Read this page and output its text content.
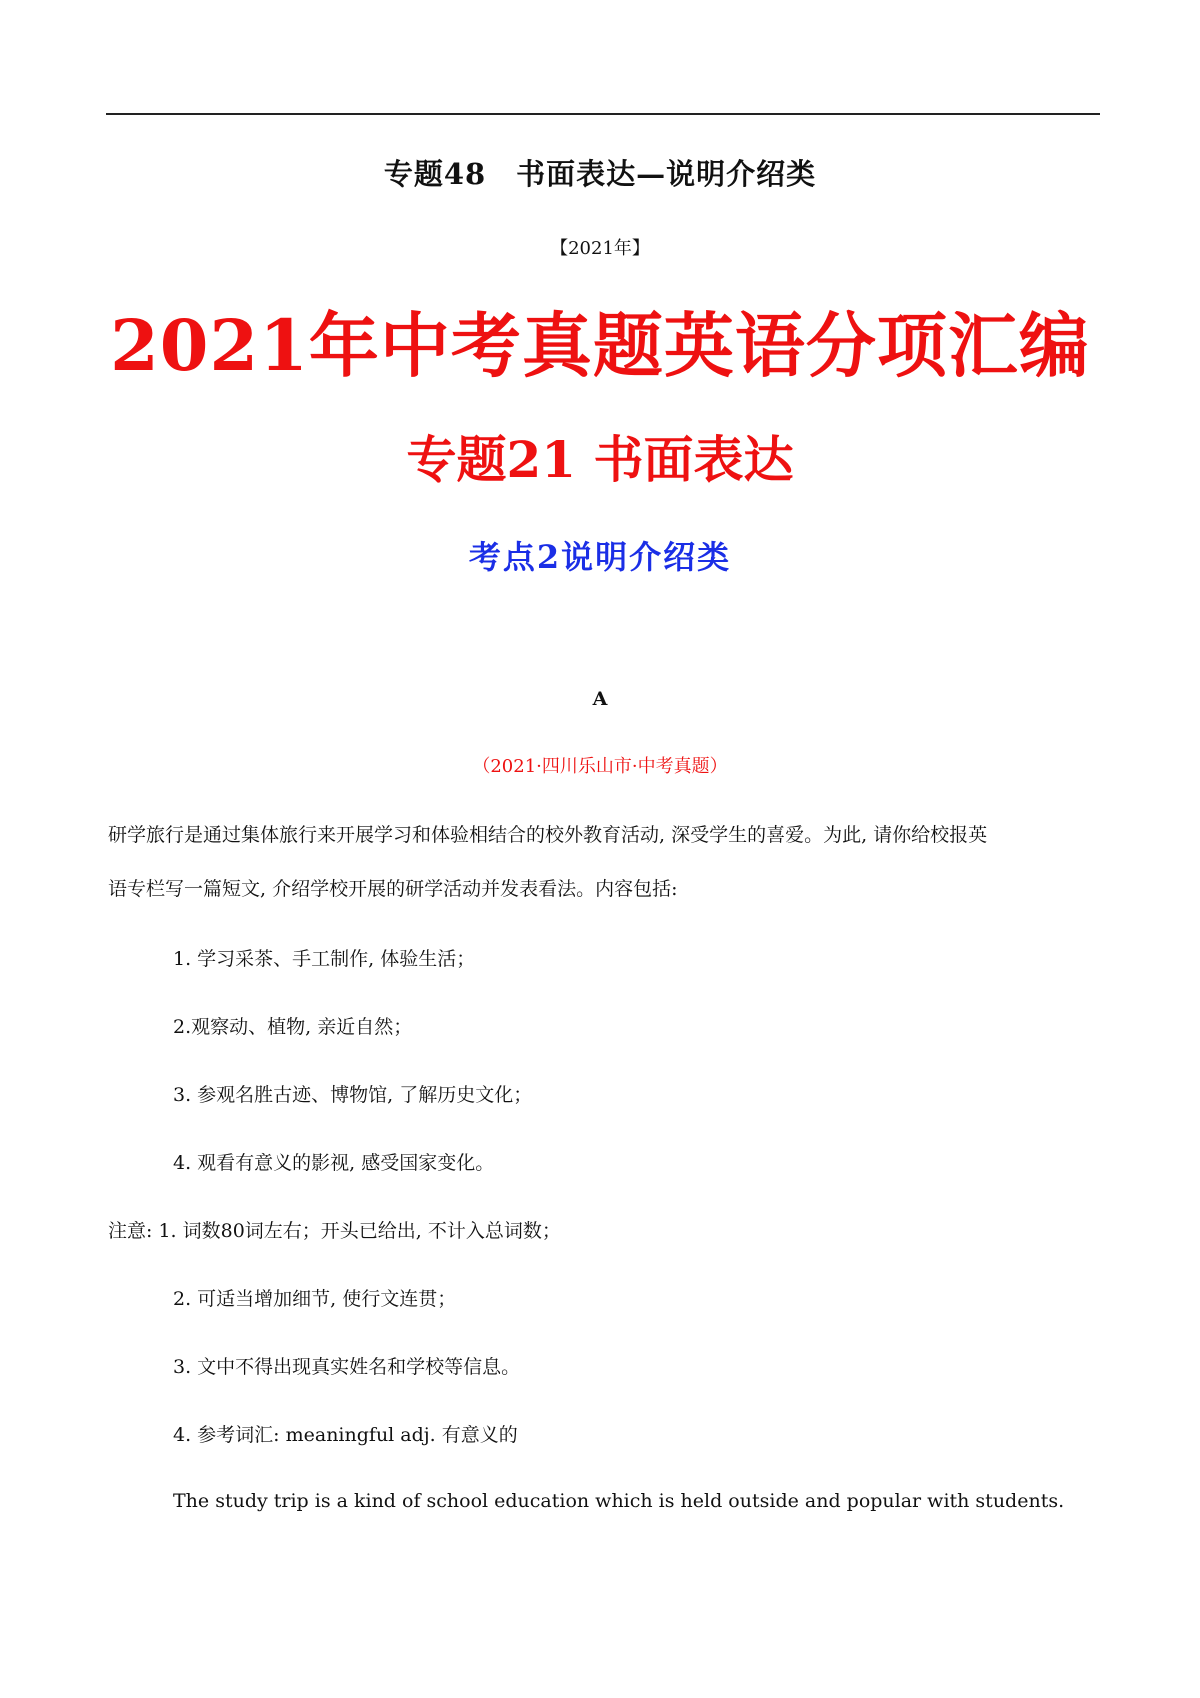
专题48　书面表达—说明介绍类
【2021年】
2021年中考真题英语分项汇编
专题21 书面表达
考点2说明介绍类
A
（2021·四川乐山市·中考真题）
研学旅行是通过集体旅行来开展学习和体验相结合的校外教育活动, 深受学生的喜爱。为此, 请你给校报英
语专栏写一篇短文, 介绍学校开展的研学活动并发表看法。内容包括:
1. 学习采茶、手工制作, 体验生活；
2.观察动、植物, 亲近自然；
3. 参观名胜古迹、博物馆, 了解历史文化；
4. 观看有意义的影视, 感受国家变化。
注意: 1. 词数80词左右；开头已给出, 不计入总词数；
2. 可适当增加细节, 使行文连贯；
3. 文中不得出现真实姓名和学校等信息。
4. 参考词汇: meaningful adj. 有意义的
The study trip is a kind of school education which is held outside and popular with students.
